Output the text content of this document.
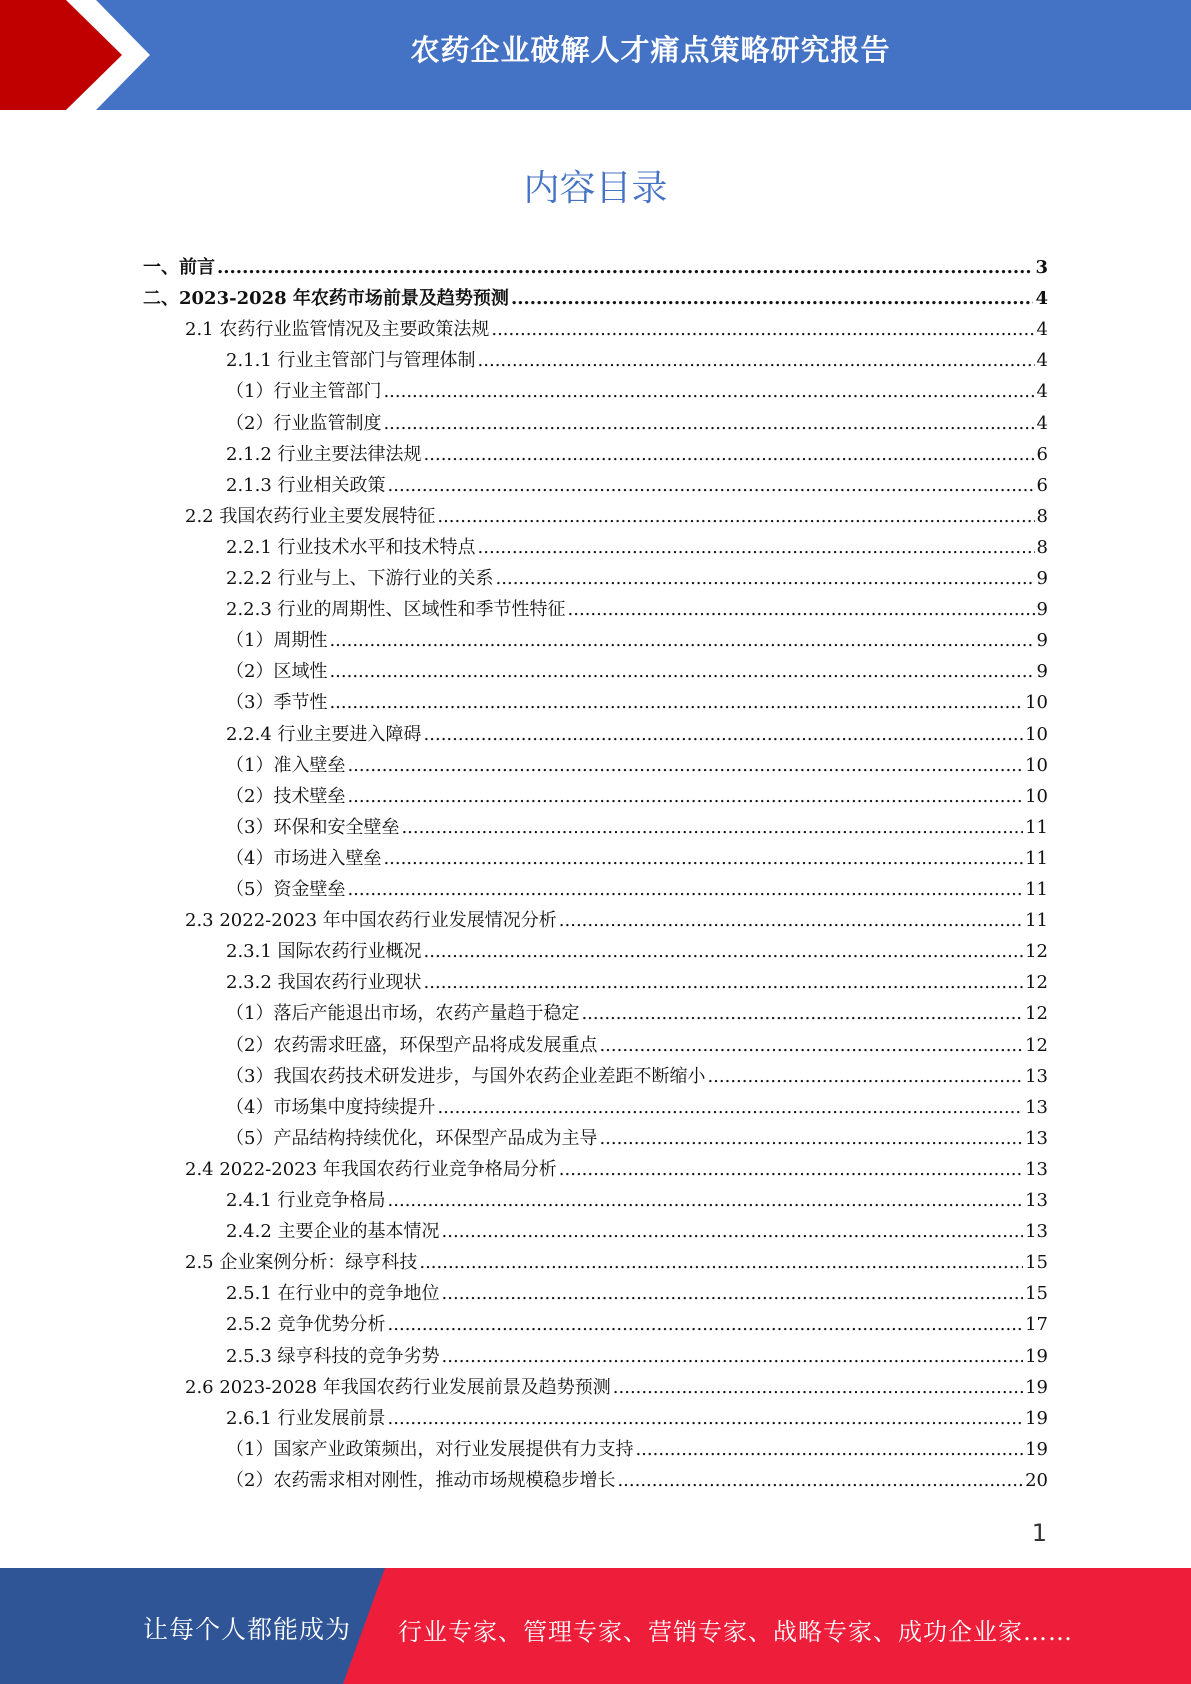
农药企业破解人才痛点策略研究报告
内容目录
一、前言 .....	3
二、2023-2028 年农药市场前景及趋势预测 .....	4
2.1 农药行业监管情况及主要政策法规 .....	4
2.1.1 行业主管部门与管理体制 .....	4
（1）行业主管部门 .....	4
（2）行业监管制度 .....	4
2.1.2 行业主要法律法规 .....	6
2.1.3 行业相关政策 .....	6
2.2 我国农药行业主要发展特征 .....	8
2.2.1 行业技术水平和技术特点 .....	8
2.2.2 行业与上、下游行业的关系 .....	9
2.2.3 行业的周期性、区域性和季节性特征 .....	9
（1）周期性 .....	9
（2）区域性 .....	9
（3）季节性 .....	10
2.2.4 行业主要进入障碍 .....	10
（1）准入壁垒 .....	10
（2）技术壁垒 .....	10
（3）环保和安全壁垒 .....	11
（4）市场进入壁垒 .....	11
（5）资金壁垒 .....	11
2.3 2022-2023 年中国农药行业发展情况分析 .....	11
2.3.1 国际农药行业概况 .....	12
2.3.2 我国农药行业现状 .....	12
（1）落后产能退出市场，农药产量趋于稳定 .....	12
（2）农药需求旺盛，环保型产品将成发展重点 .....	12
（3）我国农药技术研发进步，与国外农药企业差距不断缩小 .....	13
（4）市场集中度持续提升 .....	13
（5）产品结构持续优化，环保型产品成为主导 .....	13
2.4 2022-2023 年我国农药行业竞争格局分析 .....	13
2.4.1 行业竞争格局 .....	13
2.4.2 主要企业的基本情况 .....	13
2.5 企业案例分析：绿亨科技 .....	15
2.5.1 在行业中的竞争地位 .....	15
2.5.2 竞争优势分析 .....	17
2.5.3 绿亨科技的竞争劣势 .....	19
2.6 2023-2028 年我国农药行业发展前景及趋势预测 .....	19
2.6.1 行业发展前景 .....	19
（1）国家产业政策频出，对行业发展提供有力支持 .....	19
（2）农药需求相对刚性，推动市场规模稳步增长 .....	20
1
让每个人都能成为 行业专家、管理专家、营销专家、战略专家、成功企业家……
